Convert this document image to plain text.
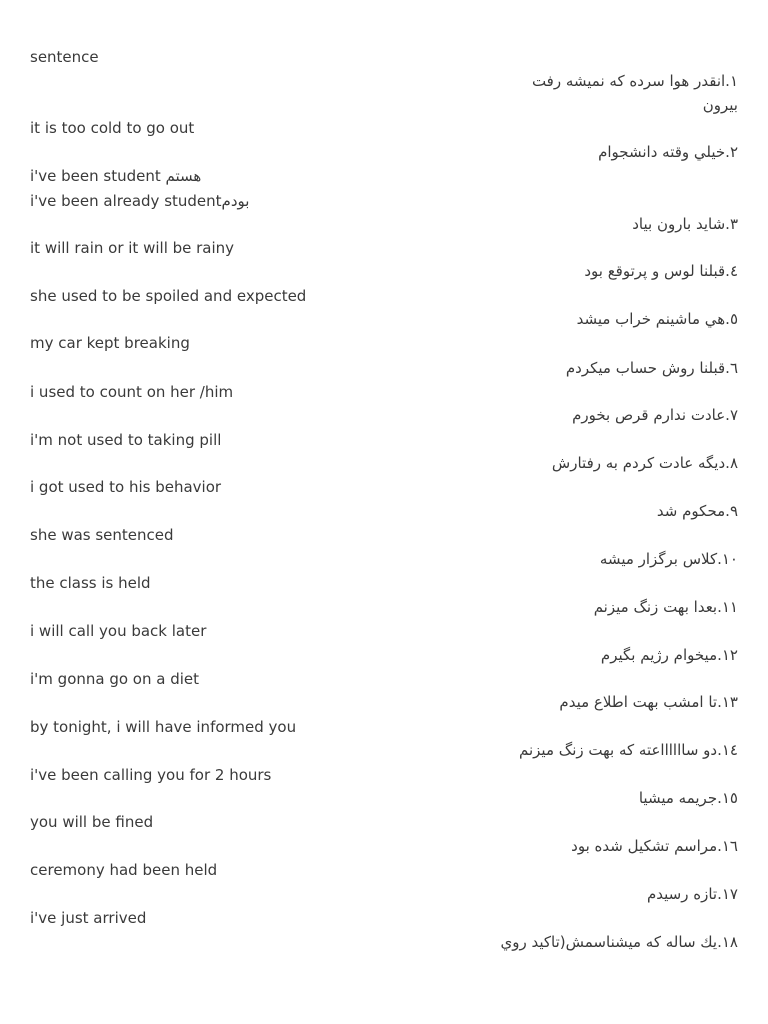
sentence
it is too cold to go out
i've been student هستم
i've been already studentبودم
it will rain or it will be rainy
she used to be spoiled and expected
my car kept breaking
i used to count on her /him
i'm not used to taking pill
i got used to his behavior
she was sentenced
the class is held
i will call you back later
i'm gonna go on a diet
by tonight, i will have informed you
i've been calling you for 2 hours
you will be fined
ceremony had been held
i've just arrived
١.انقدر هوا سرده كه نميشه رفت
بيرون
٢.خيلي وقته دانشجوام
٣.شايد بارون بياد
٤.قبلنا لوس و پرتوقع بود
٥.هي ماشينم خراب ميشد
٦.قبلنا روش حساب ميكردم
٧.عادت ندارم قرص بخورم
٨.ديگه عادت كردم به رفتارش
٩.محكوم شد
١٠.كلاس برگزار ميشه
١١.بعدا بهت زنگ ميزنم
١٢.ميخوام رژيم بگيرم
١٣.تا امشب بهت اطلاع ميدم
١٤.دو سااااااعته كه بهت زنگ ميزنم
١٥.جريمه ميشيا
١٦.مراسم تشكيل شده بود
١٧.تازه رسيدم
١٨.يك ساله كه ميشناسمش(تاكيد روي
